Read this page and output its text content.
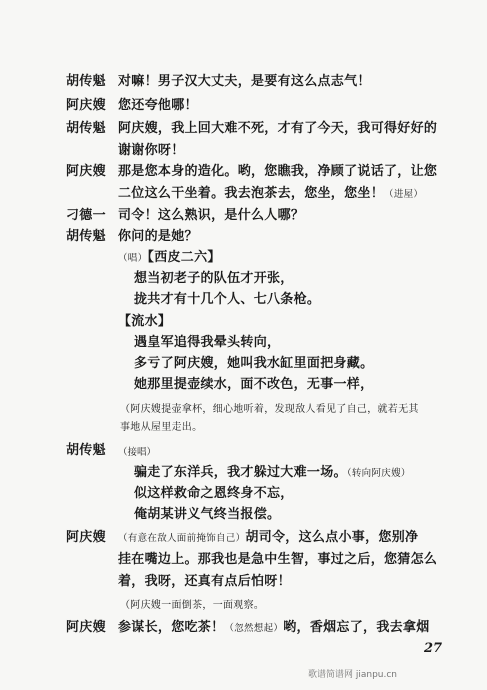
胡传魁 对嘛！男子汉大丈夫，是要有这么点志气！
阿庆嫂 您还夸他哪！
胡传魁 阿庆嫂，我上回大难不死，才有了今天，我可得好好的
谢谢你呀！
阿庆嫂 那是您本身的造化。哟，您瞧我，净顾了说话了，让您
二位这么干坐着。我去泡茶去，您坐，您坐！（进屋）
刁德一 司令！这么熟识，是什么人哪？
胡传魁 你问的是她？
（唱）【西皮二六】
想当初老子的队伍才开张，
拢共才有十几个人、七八条枪。
【流水】
遇皇军追得我晕头转向，
多亏了阿庆嫂，她叫我水缸里面把身藏。
她那里提壶续水，面不改色，无事一样，
（阿庆嫂提壶拿杯，细心地听着，发现敌人看见了自己，就若无其
事地从屋里走出。
胡传魁 （接唱）
骗走了东洋兵，我才躲过大难一场。（转向阿庆嫂）
似这样救命之恩终身不忘，
俺胡某讲义气终当报偿。
阿庆嫂 （有意在敌人面前掩饰自己）胡司令，这么点小事，您别净
挂在嘴边上。那我也是急中生智，事过之后，您猜怎么
着，我呀，还真有点后怕呀！
（阿庆嫂一面倒茶，一面观察。
阿庆嫂 参谋长，您吃茶！（忽然想起）哟，香烟忘了，我去拿烟
27
歌谱简谱网 jianpu.cn
